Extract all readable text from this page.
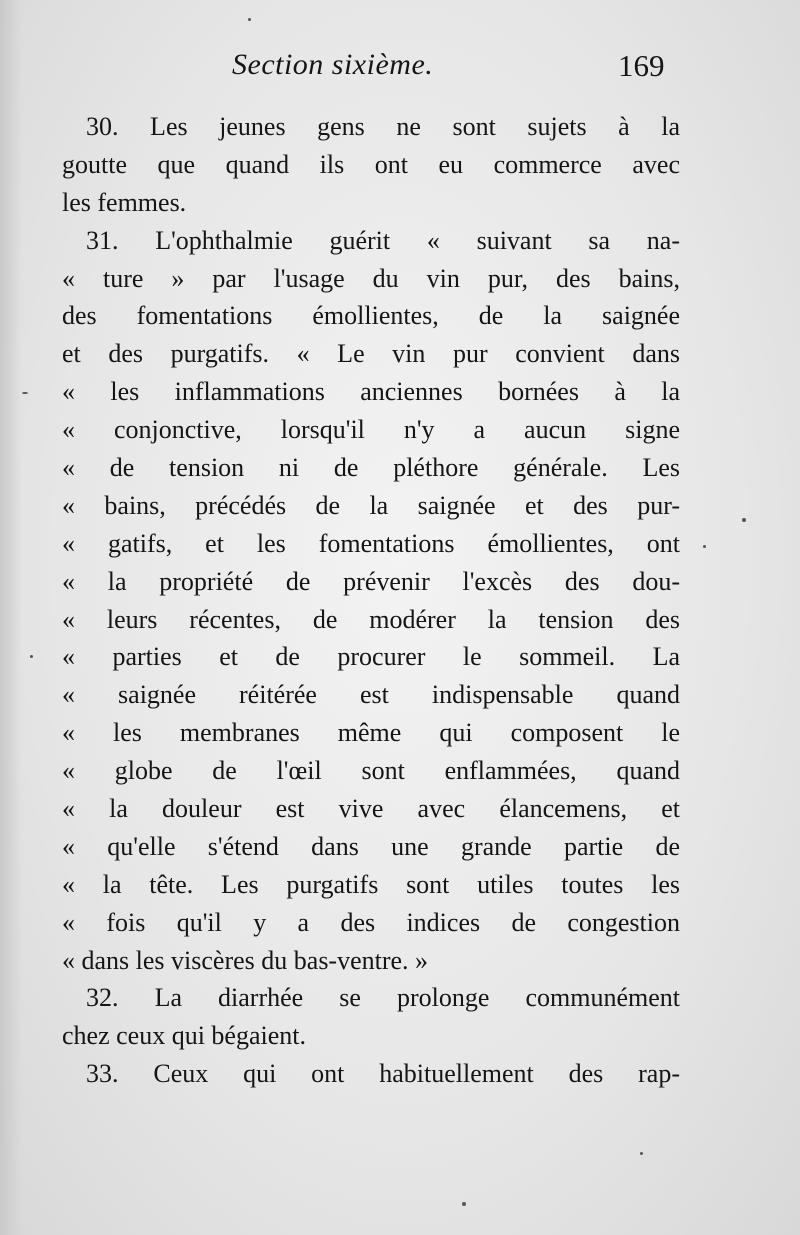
Section sixième.	169
30. Les jeunes gens ne sont sujets à la
goutte que quand ils ont eu commerce avec
les femmes.
31. L'ophthalmie guérit « suivant sa na-
« ture » par l'usage du vin pur, des bains,
des fomentations émollientes, de la saignée
et des purgatifs. « Le vin pur convient dans
« les inflammations anciennes bornées à la
« conjonctive, lorsqu'il n'y a aucun signe
« de tension ni de pléthore générale. Les
« bains, précédés de la saignée et des pur-
« gatifs, et les fomentations émollientes, ont
« la propriété de prévenir l'excès des dou-
« leurs récentes, de modérer la tension des
« parties et de procurer le sommeil. La
« saignée réitérée est indispensable quand
« les membranes même qui composent le
« globe de l'œil sont enflammées, quand
« la douleur est vive avec élancemens, et
« qu'elle s'étend dans une grande partie de
« la tête. Les purgatifs sont utiles toutes les
« fois qu'il y a des indices de congestion
« dans les viscères du bas-ventre. »
32. La diarrhée se prolonge communément
chez ceux qui bégaient.
33. Ceux qui ont habituellement des rap-
